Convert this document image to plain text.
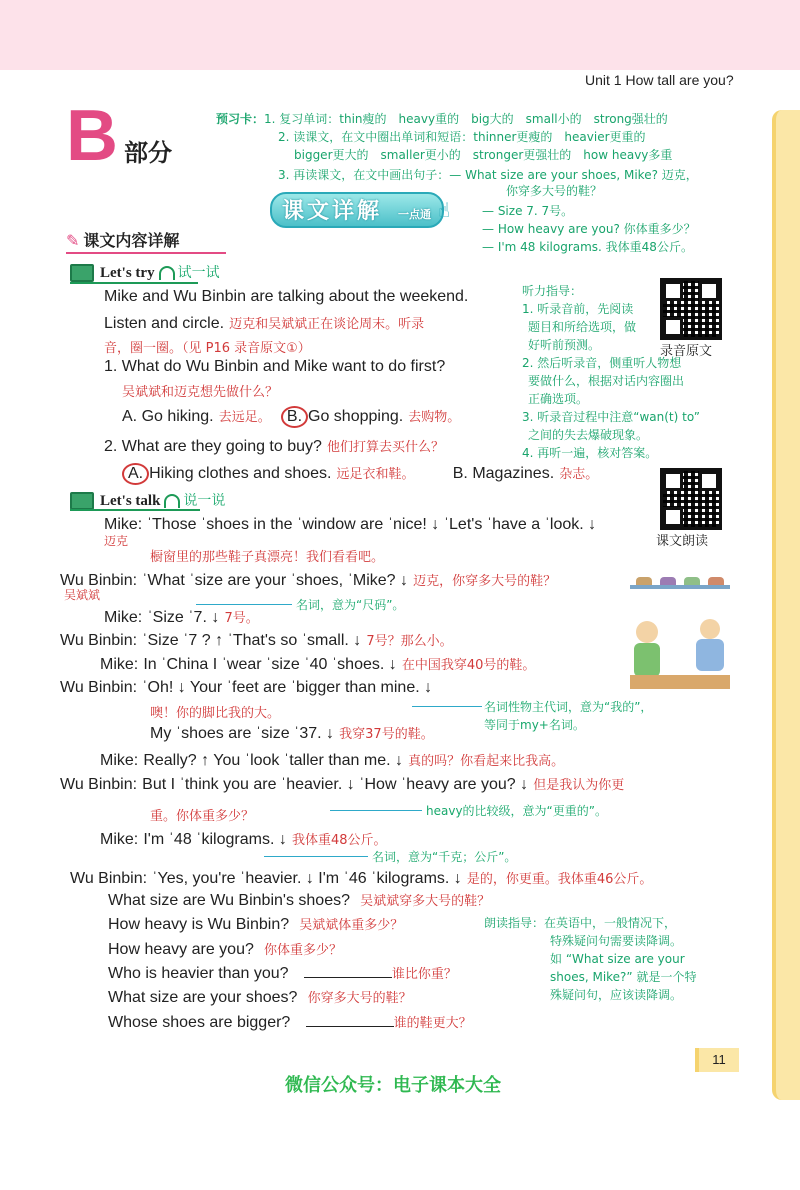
Unit 1 How tall are you?
B 部分
预习卡：1. 复习单词：thin瘦的　heavy重的　big大的　small小的　strong强壮的
2. 读课文，在文中圈出单词和短语：thinner更瘦的　heavier更重的
bigger更大的　smaller更小的　stronger更强壮的　how heavy多重
3. 再读课文，在文中画出句子：— What size are your shoes, Mike? 迈克，
你穿多大号的鞋？
— Size 7. 7号。
— How heavy are you? 你体重多少？
— I'm 48 kilograms. 我体重48公斤。
课文详解 一点通 ☝
✎ 课文内容详解
Let's try 试一试
Mike and Wu Binbin are talking about the weekend.
Listen and circle. 迈克和吴斌斌正在谈论周末。听录
音，圈一圈。（见 P16 录音原文①）
1. What do Wu Binbin and Mike want to do first?
吴斌斌和迈克想先做什么？
A. Go hiking. 去远足。 B. Go shopping. 去购物。
2. What are they going to buy? 他们打算去买什么？
A. Hiking clothes and shoes. 远足衣和鞋。 B. Magazines. 杂志。
听力指导：
1. 听录音前，先阅读
题目和所给选项，做
好听前预测。
2. 然后听录音，侧重听人物想
要做什么，根据对话内容圈出
正确选项。
3. 听录音过程中注意“wan(t) to”
之间的失去爆破现象。
4. 再听一遍，核对答案。
录音原文
课文朗读
Let's talk 说一说
Mike: ˈThose ˈshoes in the ˈwindow are ˈnice! ↓ ˈLet's ˈhave a ˈlook. ↓
迈克
橱窗里的那些鞋子真漂亮！我们看看吧。
Wu Binbin: ˈWhat ˈsize are your ˈshoes, ˈMike? ↓ 迈克，你穿多大号的鞋？
吴斌斌
Mike: ˈSize ˈ7. ↓ 7号。
名词，意为“尺码”。
Wu Binbin: ˈSize ˈ7 ? ↑ ˈThat's so ˈsmall. ↓ 7号？那么小。
Mike: In ˈChina I ˈwear ˈsize ˈ40 ˈshoes. ↓ 在中国我穿40号的鞋。
Wu Binbin: ˈOh! ↓ Your ˈfeet are ˈbigger than mine. ↓
噢！你的脚比我的大。	名词性物主代词，意为“我的”，
等同于my+名词。
My ˈshoes are ˈsize ˈ37. ↓ 我穿37号的鞋。
Mike: Really? ↑ You ˈlook ˈtaller than me. ↓ 真的吗？你看起来比我高。
Wu Binbin: But I ˈthink you are ˈheavier. ↓ ˈHow ˈheavy are you? ↓ 但是我认为你更
重。你体重多少？	heavy的比较级，意为“更重的”。
Mike: I'm ˈ48 ˈkilograms. ↓ 我体重48公斤。
名词，意为“千克；公斤”。
Wu Binbin: ˈYes, you're ˈheavier. ↓ I'm ˈ46 ˈkilograms. ↓ 是的，你更重。我体重46公斤。
What size are Wu Binbin's shoes? 吴斌斌穿多大号的鞋？
How heavy is Wu Binbin? 吴斌斌体重多少？
How heavy are you? 你体重多少？
Who is heavier than you?	谁比你重？
What size are your shoes? 你穿多大号的鞋？
Whose shoes are bigger?	谁的鞋更大？
朗读指导：在英语中，一般情况下，
特殊疑问句需要读降调。
如 “What size are your
shoes, Mike?” 就是一个特
殊疑问句，应该读降调。
11
微信公众号：电子课本大全
